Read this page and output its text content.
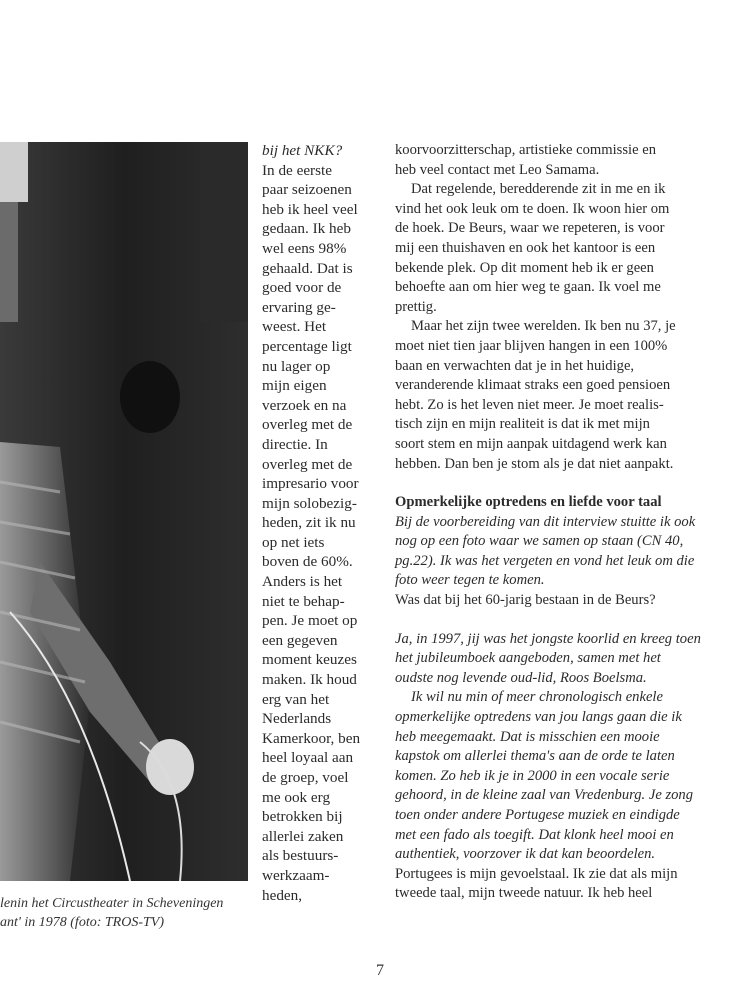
lenin het Circustheater in Scheveningen
ant' in 1978 (foto: TROS-TV)
bij het NKK?
In de eerste
paar seizoenen
heb ik heel veel
gedaan. Ik heb
wel eens 98%
gehaald. Dat is
goed voor de
ervaring ge-
weest. Het
percentage ligt
nu lager op
mijn eigen
verzoek en na
overleg met de
directie. In
overleg met de
impresario voor
mijn solobezig-
heden, zit ik nu
op net iets
boven de 60%.
Anders is het
niet te behap-
pen. Je moet op
een gegeven
moment keuzes
maken. Ik houd
erg van het
Nederlands
Kamerkoor, ben
heel loyaal aan
de groep, voel
me ook erg
betrokken bij
allerlei zaken
als bestuurs-
werkzaam-
heden,
koorvoorzitterschap, artistieke commissie en
heb veel contact met Leo Samama.
Dat regelende, beredderende zit in me en ik
vind het ook leuk om te doen. Ik woon hier om
de hoek. De Beurs, waar we repeteren, is voor
mij een thuishaven en ook het kantoor is een
bekende plek. Op dit moment heb ik er geen
behoefte aan om hier weg te gaan. Ik voel me
prettig.
Maar het zijn twee werelden. Ik ben nu 37, je
moet niet tien jaar blijven hangen in een 100%
baan en verwachten dat je in het huidige,
veranderende klimaat straks een goed pensioen
hebt. Zo is het leven niet meer. Je moet realis-
tisch zijn en mijn realiteit is dat ik met mijn
soort stem en mijn aanpak uitdagend werk kan
hebben. Dan ben je stom als je dat niet aanpakt.
Opmerkelijke optredens en liefde voor taal
Bij de voorbereiding van dit interview stuitte ik ook
nog op een foto waar we samen op staan (CN 40,
pg.22). Ik was het vergeten en vond het leuk om die
foto weer tegen te komen.
Was dat bij het 60-jarig bestaan in de Beurs?
Ja, in 1997, jij was het jongste koorlid en kreeg toen
het jubileumboek aangeboden, samen met het
oudste nog levende oud-lid, Roos Boelsma.
Ik wil nu min of meer chronologisch enkele
opmerkelijke optredens van jou langs gaan die ik
heb meegemaakt. Dat is misschien een mooie
kapstok om allerlei thema's aan de orde te laten
komen. Zo heb ik je in 2000 in een vocale serie
gehoord, in de kleine zaal van Vredenburg. Je zong
toen onder andere Portugese muziek en eindigde
met een fado als toegift. Dat klonk heel mooi en
authentiek, voorzover ik dat kan beoordelen.
Portugees is mijn gevoelstaal. Ik zie dat als mijn
tweede taal, mijn tweede natuur. Ik heb heel
7
